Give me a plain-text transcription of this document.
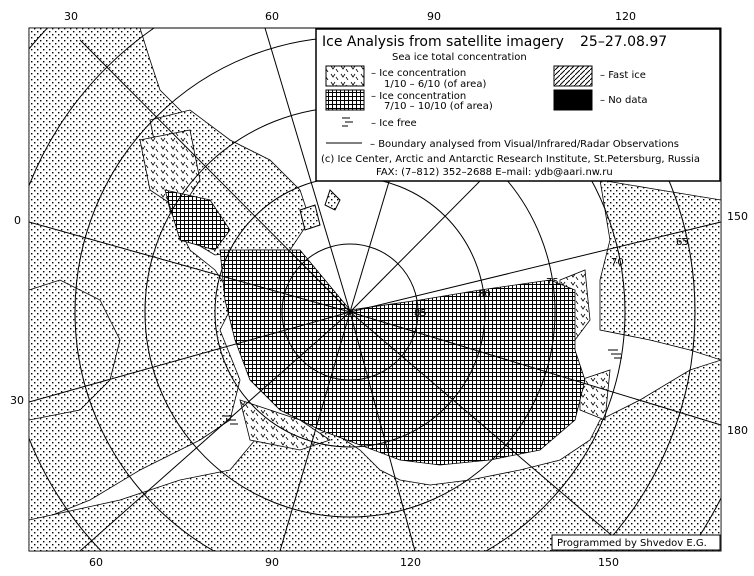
85
80
75
70
65
30	60	90	120
60	90	120	150
0
30
150
180
Ice Analysis from satellite imagery 25–27.08.97
Sea ice total concentration
– Ice concentration
1/10 – 6/10 (of area)
– Ice concentration
7/10 – 10/10 (of area)
– Ice free
– Fast ice
– No data
– Boundary analysed from Visual/Infrared/Radar Observations
(c) Ice Center, Arctic and Antarctic Research Institute, St.Petersburg, Russia
FAX: (7–812) 352–2688 E–mail: ydb@aari.nw.ru
Programmed by Shvedov E.G.
